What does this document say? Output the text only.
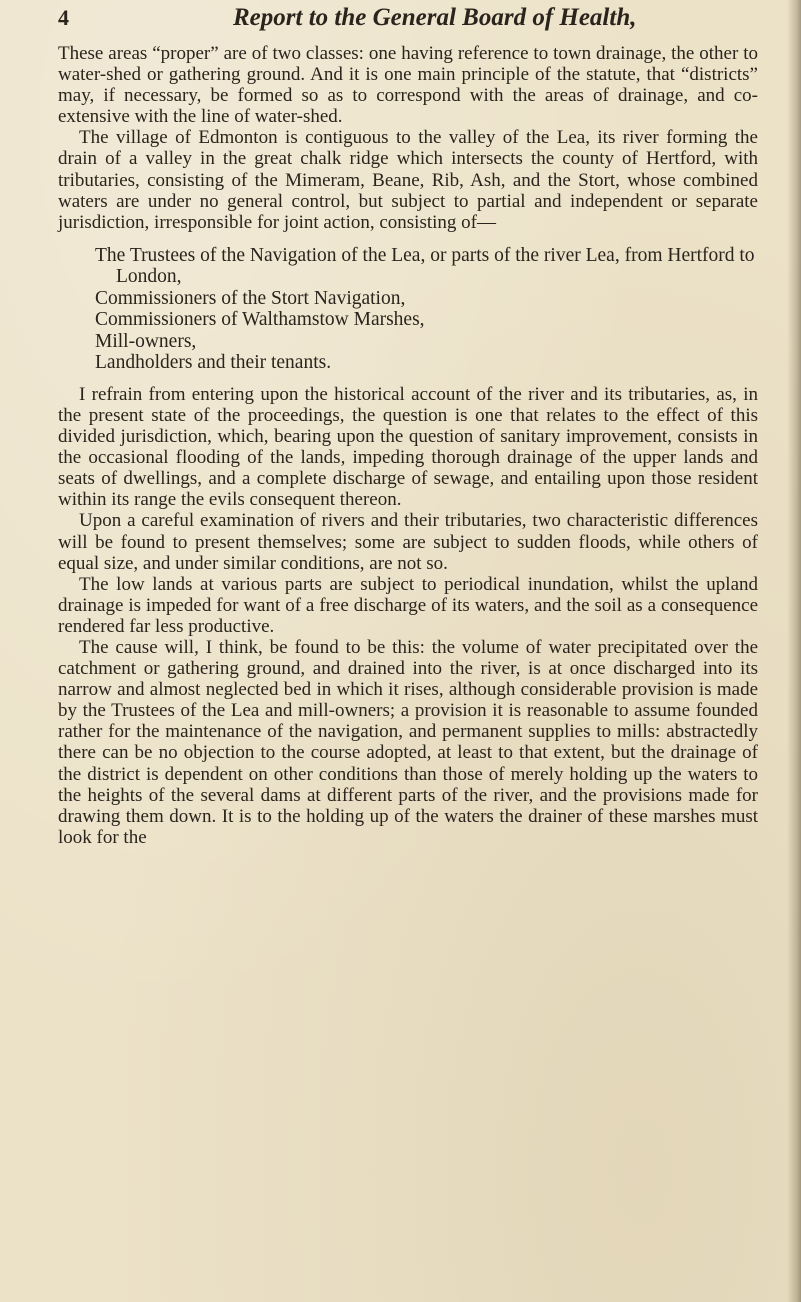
4	Report to the General Board of Health,

These areas “proper” are of two classes: one having reference to town drainage, the other to water-shed or gathering ground. And it is one main principle of the statute, that “districts” may, if necessary, be formed so as to correspond with the areas of drainage, and co-extensive with the line of water-shed.

The village of Edmonton is contiguous to the valley of the Lea, its river forming the drain of a valley in the great chalk ridge which intersects the county of Hertford, with tributaries, consisting of the Mimeram, Beane, Rib, Ash, and the Stort, whose combined waters are under no general control, but subject to partial and independent or separate jurisdiction, irresponsible for joint action, consisting of—

The Trustees of the Navigation of the Lea, or parts of the river Lea, from Hertford to London,
Commissioners of the Stort Navigation,
Commissioners of Walthamstow Marshes,
Mill-owners,
Landholders and their tenants.

I refrain from entering upon the historical account of the river and its tributaries, as, in the present state of the proceedings, the question is one that relates to the effect of this divided jurisdiction, which, bearing upon the question of sanitary improvement, consists in the occasional flooding of the lands, impeding thorough drainage of the upper lands and seats of dwellings, and a complete discharge of sewage, and entailing upon those resident within its range the evils consequent thereon.

Upon a careful examination of rivers and their tributaries, two characteristic differences will be found to present themselves; some are subject to sudden floods, while others of equal size, and under similar conditions, are not so.

The low lands at various parts are subject to periodical inundation, whilst the upland drainage is impeded for want of a free discharge of its waters, and the soil as a consequence rendered far less productive.

The cause will, I think, be found to be this: the volume of water precipitated over the catchment or gathering ground, and drained into the river, is at once discharged into its narrow and almost neglected bed in which it rises, although considerable provision is made by the Trustees of the Lea and mill-owners; a provision it is reasonable to assume founded rather for the maintenance of the navigation, and permanent supplies to mills: abstractedly there can be no objection to the course adopted, at least to that extent, but the drainage of the district is dependent on other conditions than those of merely holding up the waters to the heights of the several dams at different parts of the river, and the provisions made for drawing them down. It is to the holding up of the waters the drainer of these marshes must look for the
